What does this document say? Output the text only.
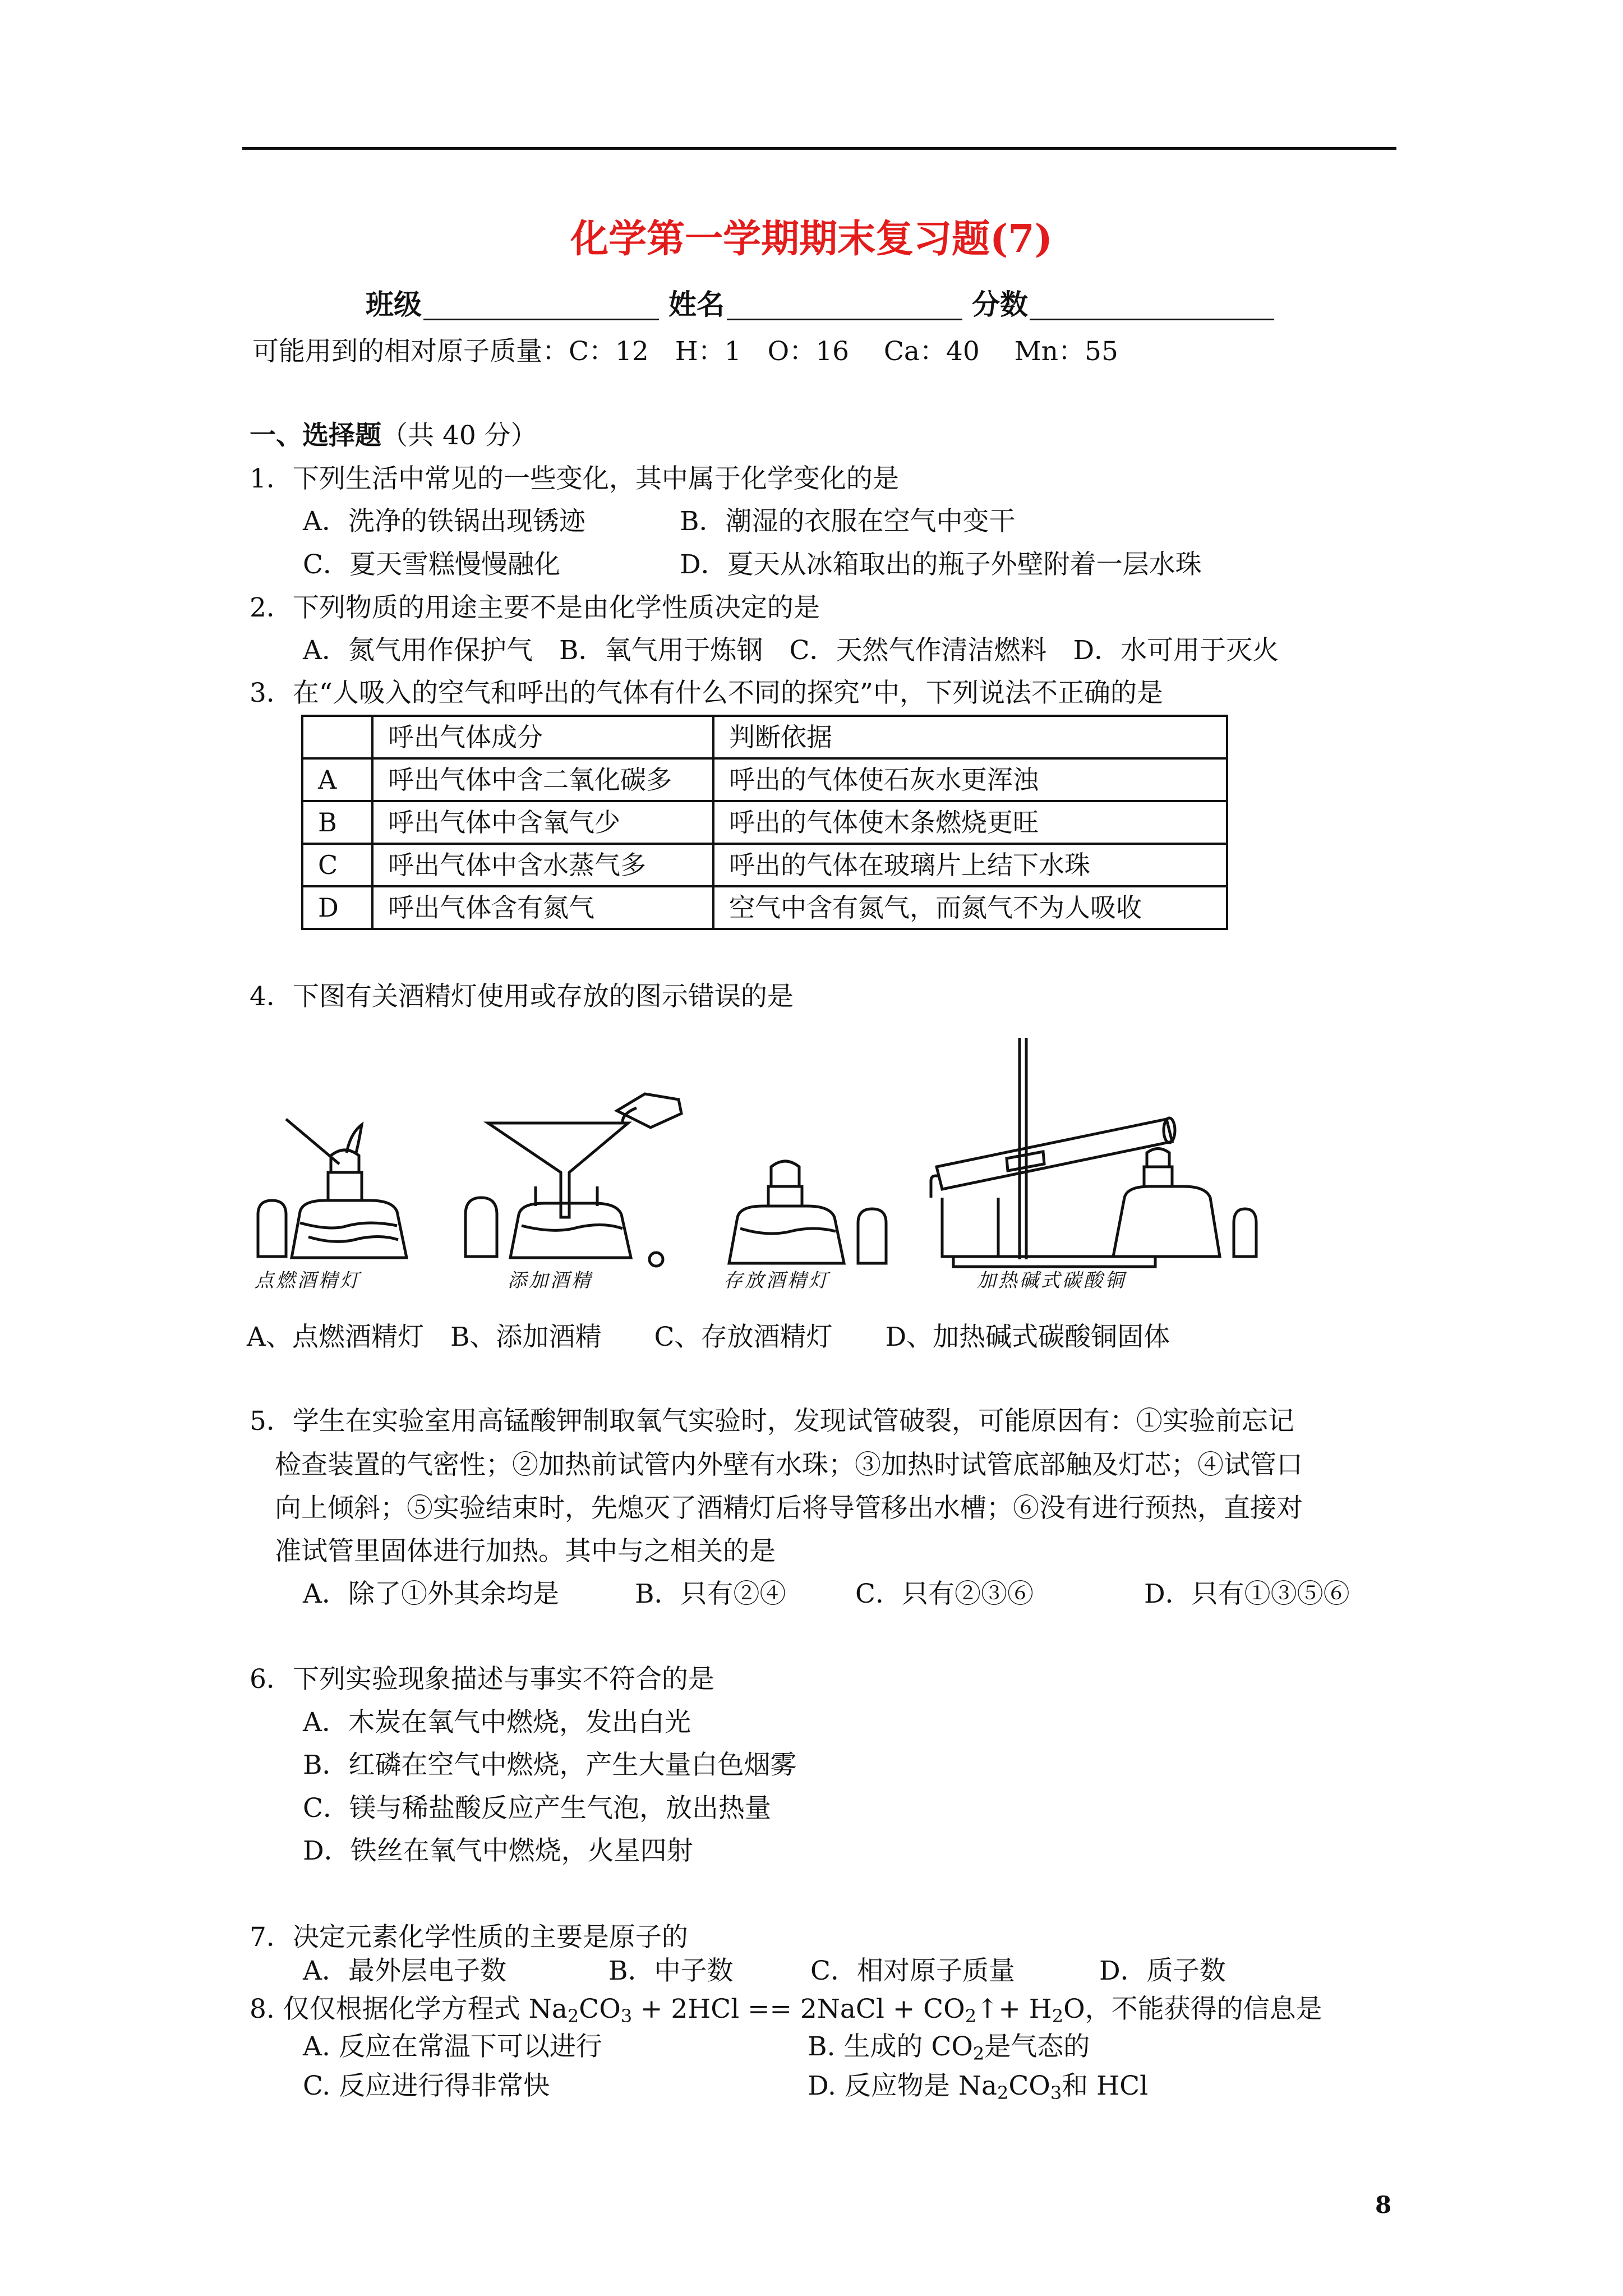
化学第一学期期末复习题(7)
班级	姓名	分数
可能用到的相对原子质量：C：12　H：1　O：16　 Ca：40　 Mn：55
一、选择题（共 40 分）
1．下列生活中常见的一些变化，其中属于化学变化的是
A．洗净的铁锅出现锈迹	B．潮湿的衣服在空气中变干
C．夏天雪糕慢慢融化	D．夏天从冰箱取出的瓶子外壁附着一层水珠
2．下列物质的用途主要不是由化学性质决定的是
A．氮气用作保护气　B．氧气用于炼钢　C．天然气作清洁燃料　D．水可用于灭火
3．在“人吸入的空气和呼出的气体有什么不同的探究”中，下列说法不正确的是
	呼出气体成分	判断依据
A	呼出气体中含二氧化碳多	呼出的气体使石灰水更浑浊
B	呼出气体中含氧气少	呼出的气体使木条燃烧更旺
C	呼出气体中含水蒸气多	呼出的气体在玻璃片上结下水珠
D	呼出气体含有氮气	空气中含有氮气，而氮气不为人吸收
4．下图有关酒精灯使用或存放的图示错误的是
点燃酒精灯	添加酒精	存放酒精灯	加热碱式碳酸铜
A、点燃酒精灯　B、添加酒精　　C、存放酒精灯　　D、加热碱式碳酸铜固体
5．学生在实验室用高锰酸钾制取氧气实验时，发现试管破裂，可能原因有：①实验前忘记
检查装置的气密性；②加热前试管内外壁有水珠；③加热时试管底部触及灯芯；④试管口
向上倾斜；⑤实验结束时，先熄灭了酒精灯后将导管移出水槽；⑥没有进行预热，直接对
准试管里固体进行加热。其中与之相关的是
A．除了①外其余均是	B．只有②④	C．只有②③⑥	D．只有①③⑤⑥
6．下列实验现象描述与事实不符合的是
A．木炭在氧气中燃烧，发出白光
B．红磷在空气中燃烧，产生大量白色烟雾
C．镁与稀盐酸反应产生气泡，放出热量
D．铁丝在氧气中燃烧，火星四射
7．决定元素化学性质的主要是原子的
A．最外层电子数	B．中子数	C．相对原子质量	D．质子数
8. 仅仅根据化学方程式 $Na_2CO_3 + 2HCl$ == 2NaCl + $CO_2↑+ H_2O$，不能获得的信息是
A. 反应在常温下可以进行	B. 生成的 $CO_2$是气态的
C. 反应进行得非常快	D. 反应物是 $Na_2CO_3$和 HCl
8
